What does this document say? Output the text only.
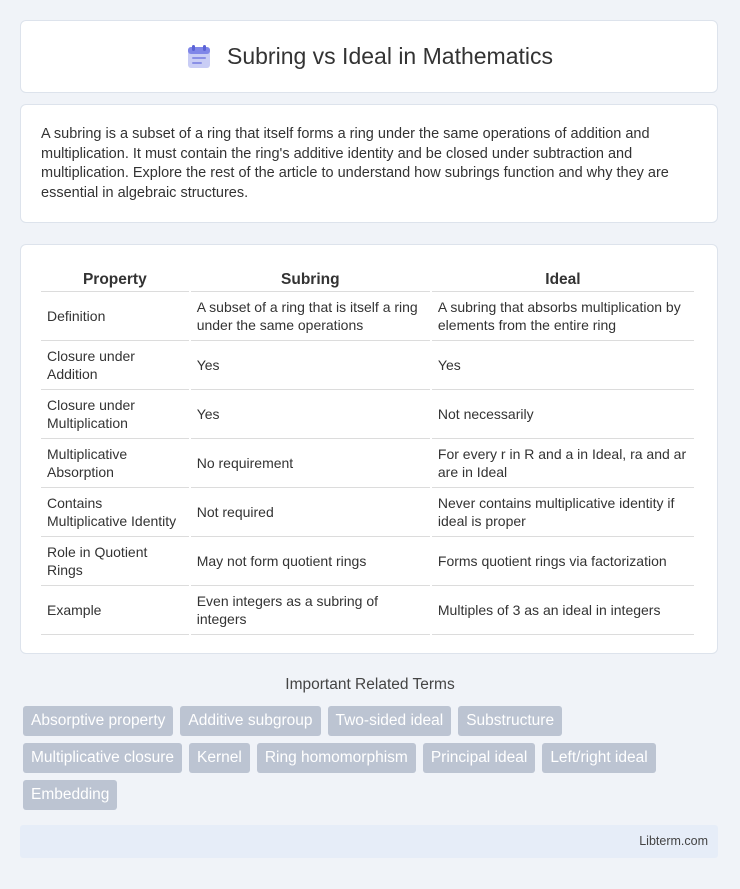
Subring vs Ideal in Mathematics

A subring is a subset of a ring that itself forms a ring under the same operations of addition and multiplication. It must contain the ring's additive identity and be closed under subtraction and multiplication. Explore the rest of the article to understand how subrings function and why they are essential in algebraic structures.

Property	Subring	Ideal
Definition	A subset of a ring that is itself a ring under the same operations	A subring that absorbs multiplication by elements from the entire ring
Closure under Addition	Yes	Yes
Closure under Multiplication	Yes	Not necessarily
Multiplicative Absorption	No requirement	For every r in R and a in Ideal, ra and ar are in Ideal
Contains Multiplicative Identity	Not required	Never contains multiplicative identity if ideal is proper
Role in Quotient Rings	May not form quotient rings	Forms quotient rings via factorization
Example	Even integers as a subring of integers	Multiples of 3 as an ideal in integers
Important Related Terms
Absorptive property	Additive subgroup	Two-sided ideal	Substructure
Multiplicative closure	Kernel	Ring homomorphism	Principal ideal	Left/right ideal
Embedding
Libterm.com
